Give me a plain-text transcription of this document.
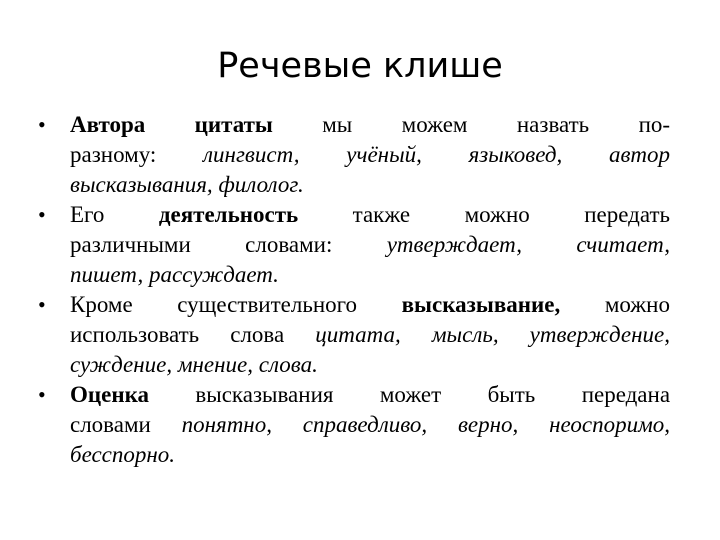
Речевые клише
• Автора цитаты мы можем назвать по-
разному: лингвист, учёный, языковед, автор
высказывания, филолог.
• Его деятельность также можно передать
различными словами: утверждает, считает,
пишет, рассуждает.
• Кроме существительного высказывание, можно
использовать слова цитата, мысль, утверждение,
суждение, мнение, слова.
• Оценка высказывания может быть передана
словами понятно, справедливо, верно, неоспоримо,
бесспорно.
